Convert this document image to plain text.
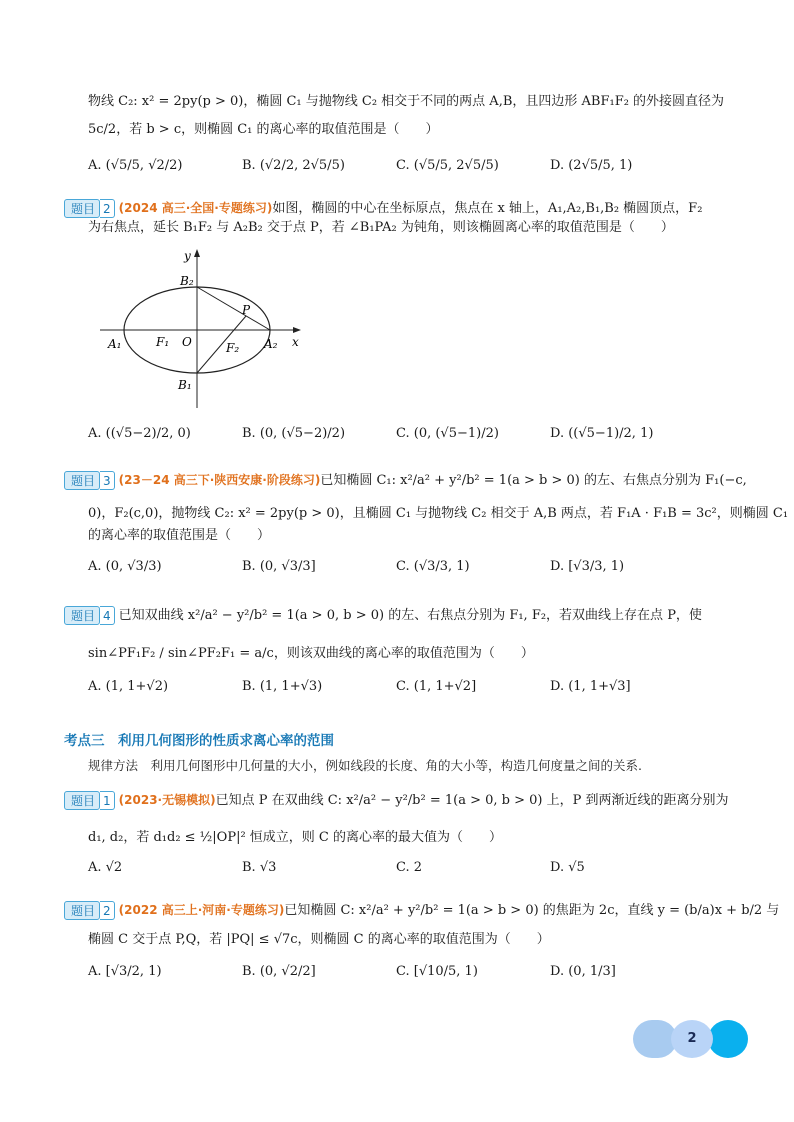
物线 C₂: x² = 2py(p > 0)，椭圆 C₁ 与抛物线 C₂ 相交于不同的两点 A,B，且四边形 ABF₁F₂ 的外接圆直径为
5c/2，若 b > c，则椭圆 C₁ 的离心率的取值范围是（　　）
A. (√5/5, √2/2)	B. (√2/2, 2√5/5)	C. (√5/5, 2√5/5)	D. (2√5/5, 1)
题目 2 (2024 高三·全国·专题练习)如图，椭圆的中心在坐标原点，焦点在 x 轴上，A₁,A₂,B₁,B₂ 椭圆顶点，F₂
为右焦点，延长 B₁F₂ 与 A₂B₂ 交于点 P，若 ∠B₁PA₂ 为钝角，则该椭圆离心率的取值范围是（　　）
y
x
O
A₁	A₂
B₁
B₂
F₁	F₂
P
A. ((√5−2)/2, 0)	B. (0, (√5−2)/2)	C. (0, (√5−1)/2)	D. ((√5−1)/2, 1)
题目 3 (23－24 高三下·陕西安康·阶段练习)已知椭圆 C₁: x²/a² + y²/b² = 1(a > b > 0) 的左、右焦点分别为 F₁(−c,
0)，F₂(c,0)，抛物线 C₂: x² = 2py(p > 0)，且椭圆 C₁ 与抛物线 C₂ 相交于 A,B 两点，若 F₁A · F₁B = 3c²，则椭圆 C₁
的离心率的取值范围是（　　）
A. (0, √3/3)	B. (0, √3/3]	C. (√3/3, 1)	D. [√3/3, 1)
题目 4 已知双曲线 x²/a² − y²/b² = 1(a > 0, b > 0) 的左、右焦点分别为 F₁, F₂，若双曲线上存在点 P，使
sin∠PF₁F₂ / sin∠PF₂F₁ = a/c，则该双曲线的离心率的取值范围为（　　）
A. (1, 1+√2)	B. (1, 1+√3)	C. (1, 1+√2]	D. (1, 1+√3]
考点三　利用几何图形的性质求离心率的范围
规律方法　利用几何图形中几何量的大小，例如线段的长度、角的大小等，构造几何度量之间的关系.
题目 1 (2023·无锡模拟)已知点 P 在双曲线 C: x²/a² − y²/b² = 1(a > 0, b > 0) 上，P 到两渐近线的距离分别为
d₁, d₂，若 d₁d₂ ≤ ½|OP|² 恒成立，则 C 的离心率的最大值为（　　）
A. √2	B. √3	C. 2	D. √5
题目 2 (2022 高三上·河南·专题练习)已知椭圆 C: x²/a² + y²/b² = 1(a > b > 0) 的焦距为 2c，直线 y = (b/a)x + b/2 与
椭圆 C 交于点 P,Q，若 |PQ| ≤ √7c，则椭圆 C 的离心率的取值范围为（　　）
A. [√3/2, 1)	B. (0, √2/2]	C. [√10/5, 1)	D. (0, 1/3]
2
